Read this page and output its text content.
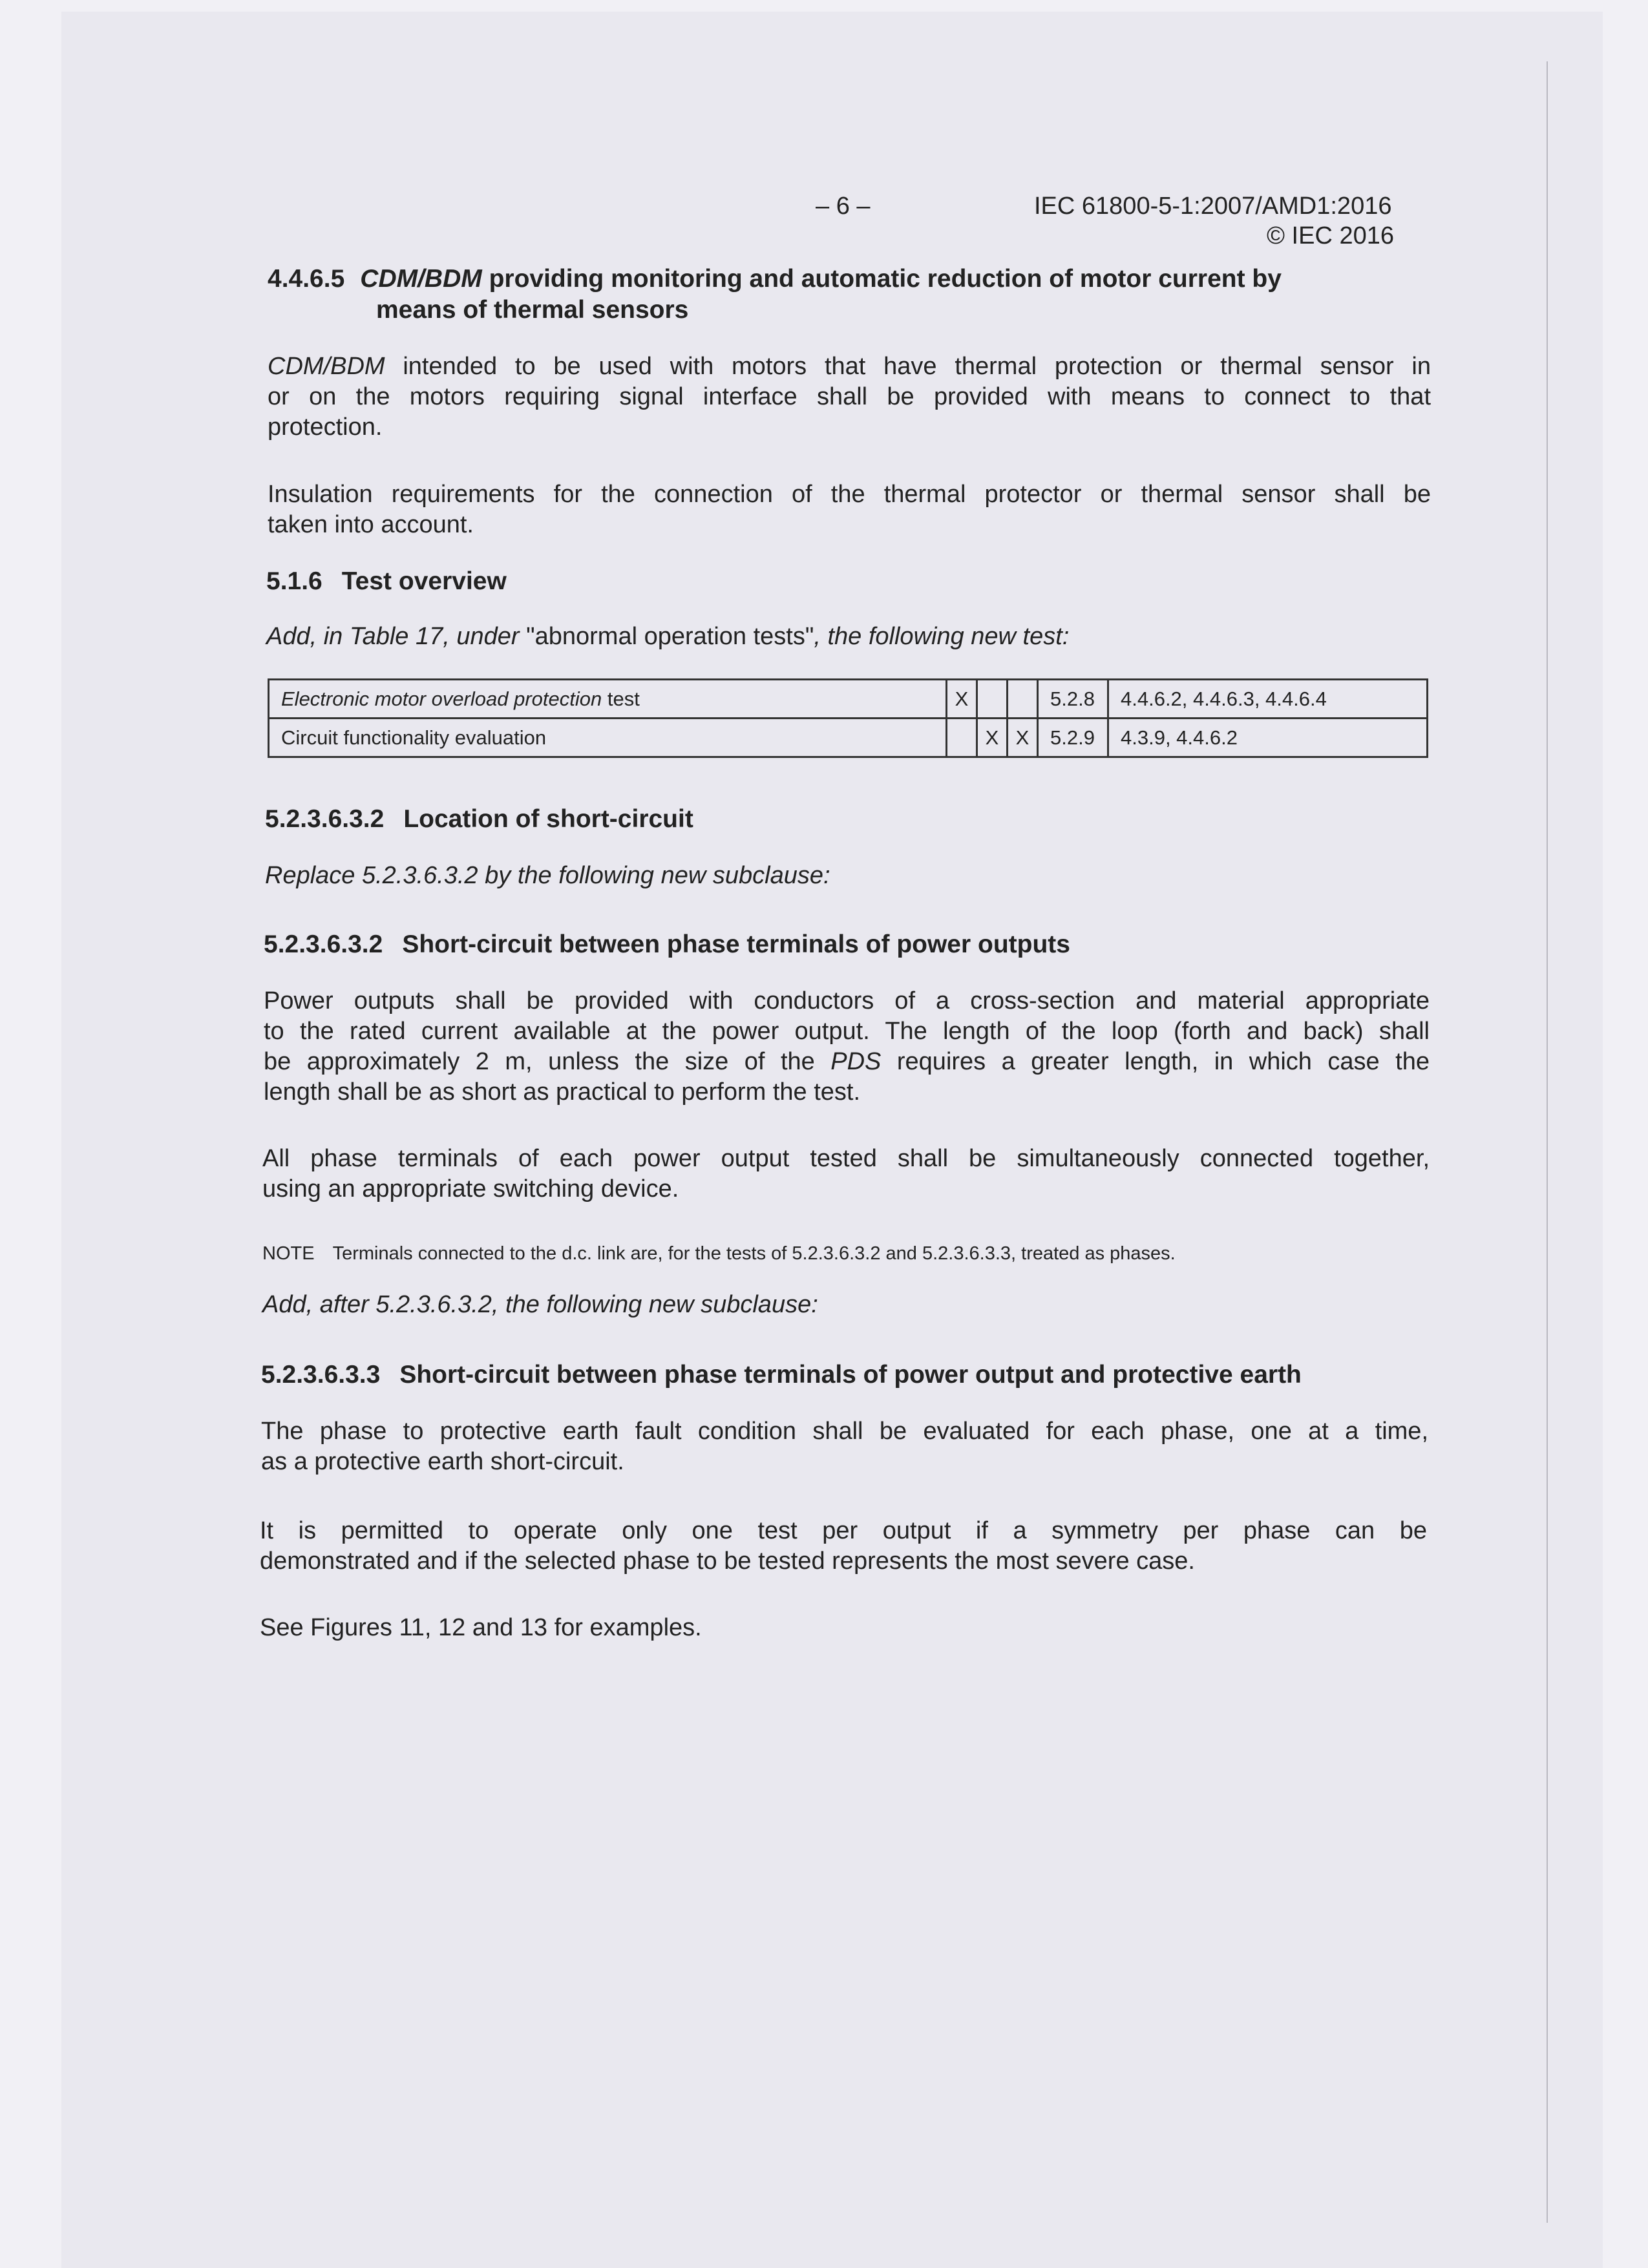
– 6 –	IEC 61800-5-1:2007/AMD1:2016
© IEC 2016
4.4.6.5 CDM/BDM providing monitoring and automatic reduction of motor current by
means of thermal sensors
CDM/BDM intended to be used with motors that have thermal protection or thermal sensor in
or on the motors requiring signal interface shall be provided with means to connect to that
protection.
Insulation requirements for the connection of the thermal protector or thermal sensor shall be
taken into account.
5.1.6 Test overview
Add, in Table 17, under "abnormal operation tests", the following new test:
Electronic motor overload protection test	X			5.2.8	4.4.6.2, 4.4.6.3, 4.4.6.4
Circuit functionality evaluation		X	X	5.2.9	4.3.9, 4.4.6.2
5.2.3.6.3.2 Location of short-circuit
Replace 5.2.3.6.3.2 by the following new subclause:
5.2.3.6.3.2 Short-circuit between phase terminals of power outputs
Power outputs shall be provided with conductors of a cross-section and material appropriate
to the rated current available at the power output. The length of the loop (forth and back) shall
be approximately 2 m, unless the size of the PDS requires a greater length, in which case the
length shall be as short as practical to perform the test.
All phase terminals of each power output tested shall be simultaneously connected together,
using an appropriate switching device.
NOTE Terminals connected to the d.c. link are, for the tests of 5.2.3.6.3.2 and 5.2.3.6.3.3, treated as phases.
Add, after 5.2.3.6.3.2, the following new subclause:
5.2.3.6.3.3 Short-circuit between phase terminals of power output and protective earth
The phase to protective earth fault condition shall be evaluated for each phase, one at a time,
as a protective earth short-circuit.
It is permitted to operate only one test per output if a symmetry per phase can be
demonstrated and if the selected phase to be tested represents the most severe case.
See Figures 11, 12 and 13 for examples.
